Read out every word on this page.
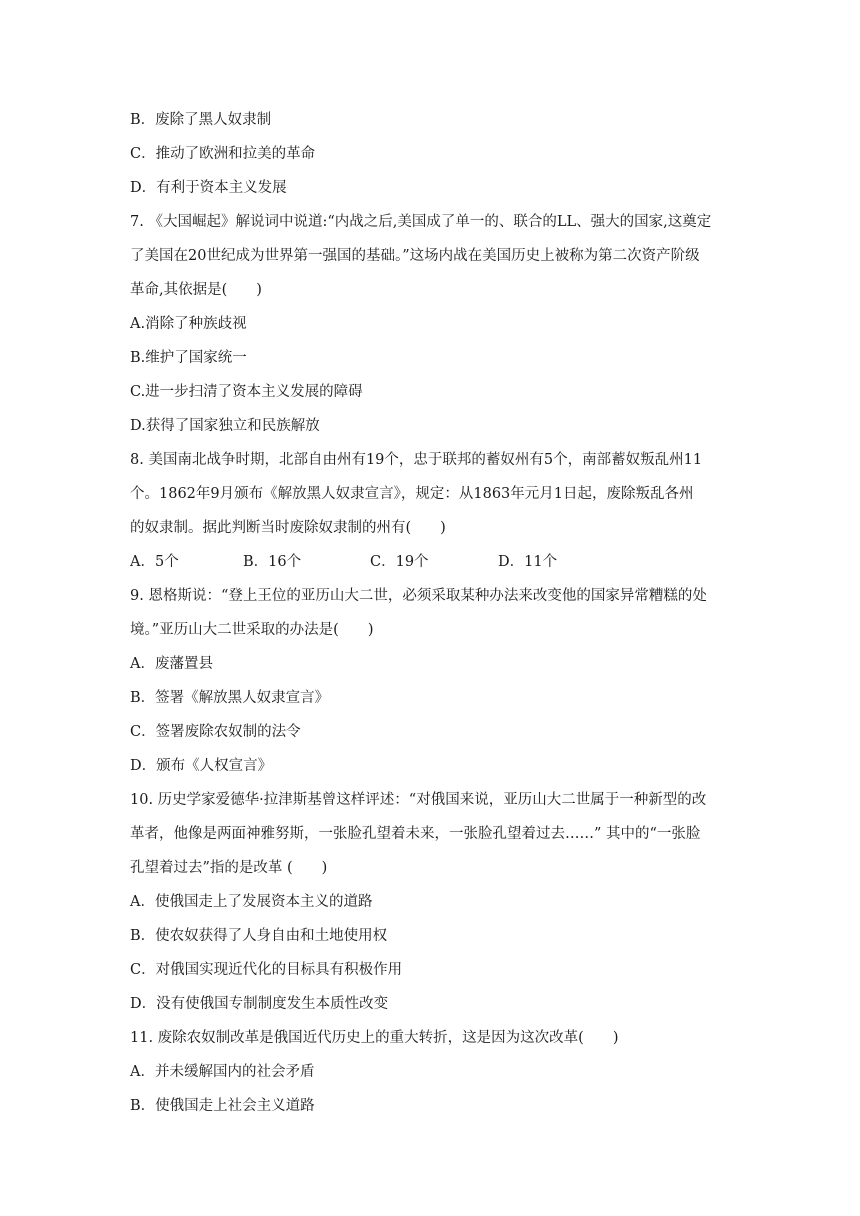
B．废除了黑人奴隶制
C．推动了欧洲和拉美的革命
D．有利于资本主义发展
7. 《大国崛起》解说词中说道:“内战之后,美国成了单一的、联合的LL、强大的国家,这奠定
了美国在20世纪成为世界第一强国的基础。”这场内战在美国历史上被称为第二次资产阶级
革命,其依据是(　　)
A.消除了种族歧视
B.维护了国家统一
C.进一步扫清了资本主义发展的障碍
D.获得了国家独立和民族解放
8. 美国南北战争时期，北部自由州有19个，忠于联邦的蓄奴州有5个，南部蓄奴叛乱州11
个。1862年9月颁布《解放黑人奴隶宣言》，规定：从1863年元月1日起，废除叛乱各州
的奴隶制。据此判断当时废除奴隶制的州有(　　)
A．5个	B．16个	C．19个	D．11个
9. 恩格斯说：“登上王位的亚历山大二世，必须采取某种办法来改变他的国家异常糟糕的处
境。”亚历山大二世采取的办法是(　　)
A．废藩置县
B．签署《解放黑人奴隶宣言》
C．签署废除农奴制的法令
D．颁布《人权宣言》
10. 历史学家爱德华·拉津斯基曾这样评述：“对俄国来说，亚历山大二世属于一种新型的改
革者，他像是两面神雅努斯，一张脸孔望着未来，一张脸孔望着过去……” 其中的“一张脸
孔望着过去”指的是改革 (　　)
A．使俄国走上了发展资本主义的道路
B．使农奴获得了人身自由和土地使用权
C．对俄国实现近代化的目标具有积极作用
D．没有使俄国专制制度发生本质性改变
11. 废除农奴制改革是俄国近代历史上的重大转折，这是因为这次改革(　　)
A．并未缓解国内的社会矛盾
B．使俄国走上社会主义道路
